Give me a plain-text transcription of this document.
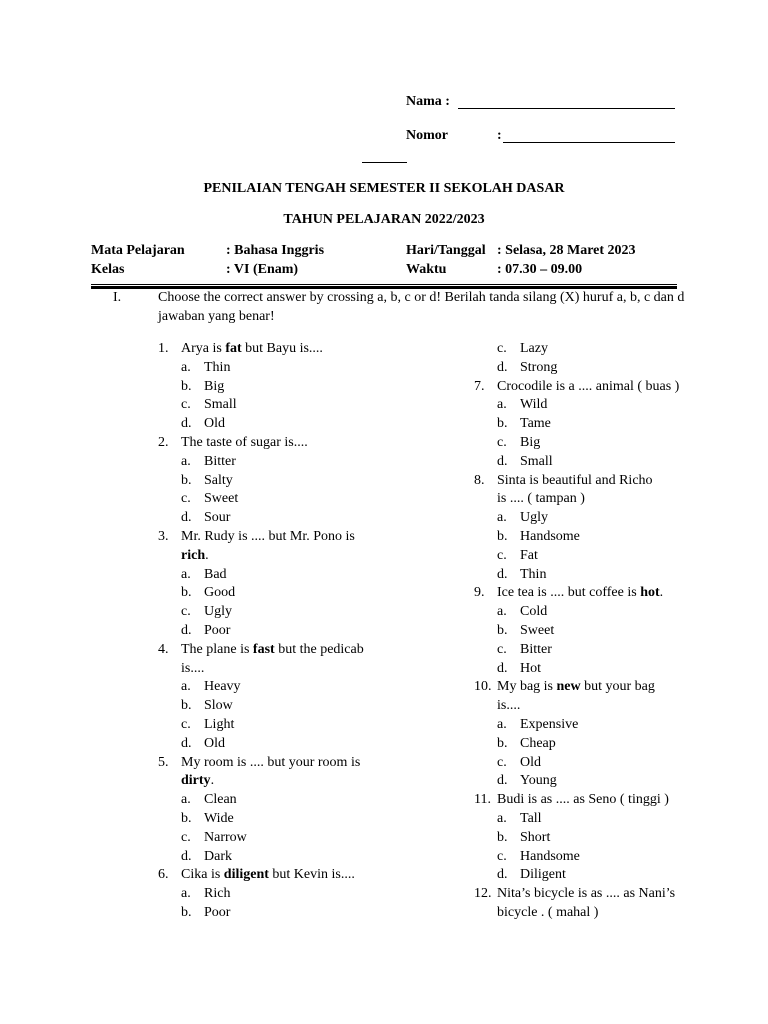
Nama :
Nomor	:
PENILAIAN TENGAH SEMESTER II SEKOLAH DASAR
TAHUN PELAJARAN 2022/2023
Mata Pelajaran	: Bahasa Inggris
Kelas	: VI (Enam)
Hari/Tanggal : Selasa, 28 Maret 2023
Waktu	: 07.30 – 09.00
I.	Choose the correct answer by crossing a, b, c or d! Berilah tanda silang (X) huruf a, b, c dan d
jawaban yang benar!
1. Arya is fat but Bayu is....
a. Thin
b. Big
c. Small
d. Old
2. The taste of sugar is....
a. Bitter
b. Salty
c. Sweet
d. Sour
3. Mr. Rudy is .... but Mr. Pono is
rich.
a. Bad
b. Good
c. Ugly
d. Poor
4. The plane is fast but the pedicab
is....
a. Heavy
b. Slow
c. Light
d. Old
5. My room is .... but your room is
dirty.
a. Clean
b. Wide
c. Narrow
d. Dark
6. Cika is diligent but Kevin is....
a. Rich
b. Poor
c. Lazy
d. Strong
7. Crocodile is a .... animal ( buas )
a. Wild
b. Tame
c. Big
d. Small
8. Sinta is beautiful and Richo
is .... ( tampan )
a. Ugly
b. Handsome
c. Fat
d. Thin
9. Ice tea is .... but coffee is hot.
a. Cold
b. Sweet
c. Bitter
d. Hot
10. My bag is new but your bag
is....
a. Expensive
b. Cheap
c. Old
d. Young
11. Budi is as .... as Seno ( tinggi )
a. Tall
b. Short
c. Handsome
d. Diligent
12. Nita’s bicycle is as .... as Nani’s
bicycle . ( mahal )
